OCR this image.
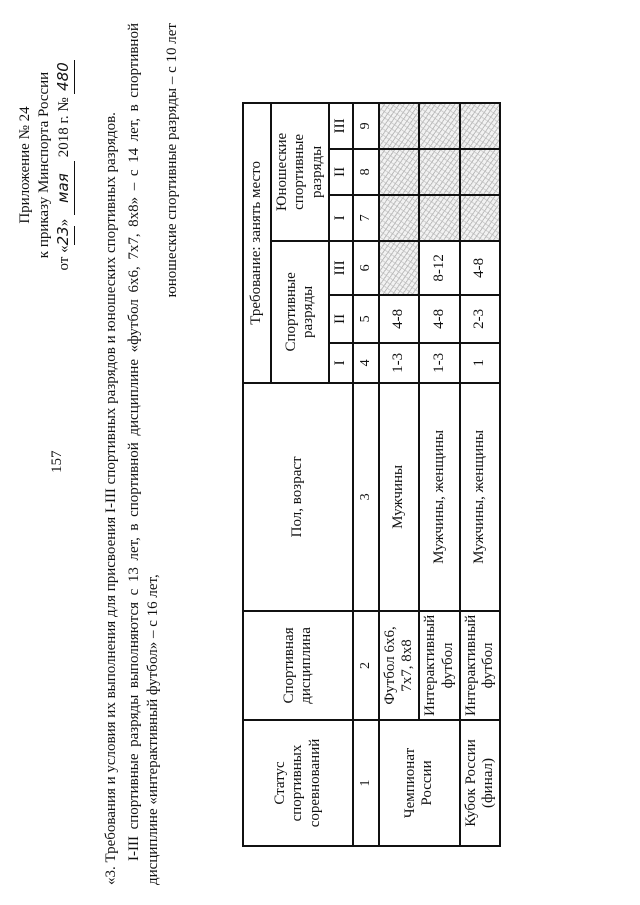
157
Приложение № 24 к приказу Минспорта России от «23» мая 2018 г. № 480
«3. Требования и условия их выполнения для присвоения I-III спортивных разрядов и юношеских спортивных разрядов. I-III спортивные разряды выполняются с 13 лет, в спортивной дисциплине «футбол 6х6, 7х7, 8х8» – с 14 лет, в спортивной дисциплине «интерактивный футбол» – с 16 лет,
юношеские спортивные разряды – с 10 лет
Статус спортивных соревнований	Спортивная дисциплина	Пол, возраст	Требование: занять место					
			Спортивные разряды			Юношеские спортивные разряды		
			I	II	III	I	II	III
1	2	3	4	5	6	7	8	9
Чемпионат России	Футбол 6х6, 7х7, 8х8	Мужчины	1-3	4-8				
	Интерактивный футбол	Мужчины, женщины	1-3	4-8	8-12			
Кубок России (финал)	Интерактивный футбол	Мужчины, женщины	1	2-3	4-8			
